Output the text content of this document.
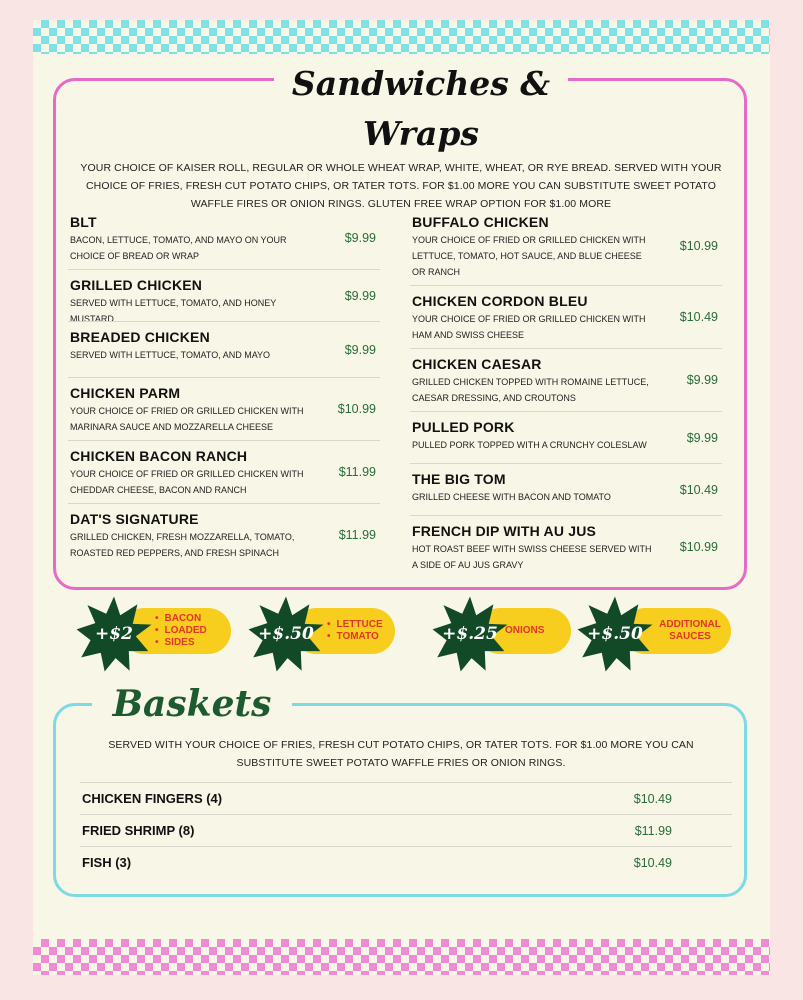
Sandwiches & Wraps

YOUR CHOICE OF KAISER ROLL, REGULAR OR WHOLE WHEAT WRAP, WHITE, WHEAT, OR RYE BREAD. SERVED WITH YOUR CHOICE OF FRIES, FRESH CUT POTATO CHIPS, OR TATER TOTS. FOR $1.00 MORE YOU CAN SUBSTITUTE SWEET POTATO WAFFLE FIRES OR ONION RINGS. GLUTEN FREE WRAP OPTION FOR $1.00 MORE

BLT
BACON, LETTUCE, TOMATO, AND MAYO ON YOUR CHOICE OF BREAD OR WRAP
$9.99
GRILLED CHICKEN
SERVED WITH LETTUCE, TOMATO, AND HONEY MUSTARD
$9.99
BREADED CHICKEN
SERVED WITH LETTUCE, TOMATO, AND MAYO	$9.99
CHICKEN PARM
YOUR CHOICE OF FRIED OR GRILLED CHICKEN WITH MARINARA SAUCE AND MOZZARELLA CHEESE
$10.99
CHICKEN BACON RANCH
YOUR CHOICE OF FRIED OR GRILLED CHICKEN WITH CHEDDAR CHEESE, BACON AND RANCH
$11.99
DAT'S SIGNATURE
GRILLED CHICKEN, FRESH MOZZARELLA, TOMATO, ROASTED RED PEPPERS, AND FRESH SPINACH
$11.99
BUFFALO CHICKEN
YOUR CHOICE OF FRIED OR GRILLED CHICKEN WITH LETTUCE, TOMATO, HOT SAUCE, AND BLUE CHEESE OR RANCH
$10.99
CHICKEN CORDON BLEU
YOUR CHOICE OF FRIED OR GRILLED CHICKEN WITH HAM AND SWISS CHEESE
$10.49
CHICKEN CAESAR
GRILLED CHICKEN TOPPED WITH ROMAINE LETTUCE, CAESAR DRESSING, AND CROUTONS
$9.99
PULLED PORK
PULLED PORK TOPPED WITH A CRUNCHY COLESLAW
$9.99
THE BIG TOM
GRILLED CHEESE WITH BACON AND TOMATO
$10.49
FRENCH DIP WITH AU JUS
HOT ROAST BEEF WITH SWISS CHEESE SERVED WITH A SIDE OF AU JUS GRAVY
$10.99
• BACON
• LOADED
• SIDES
+$2
•	LETTUCE
• TOMATO
+$.50	ONIONS
+$.25	ADDITIONAL
SAUCES
+$.50
Baskets

SERVED WITH YOUR CHOICE OF FRIES, FRESH CUT POTATO CHIPS, OR TATER TOTS. FOR $1.00 MORE YOU CAN SUBSTITUTE SWEET POTATO WAFFLE FRIES OR ONION RINGS.

CHICKEN FINGERS (4)	$10.49
FRIED SHRIMP (8)	$11.99
FISH (3)	$10.49
